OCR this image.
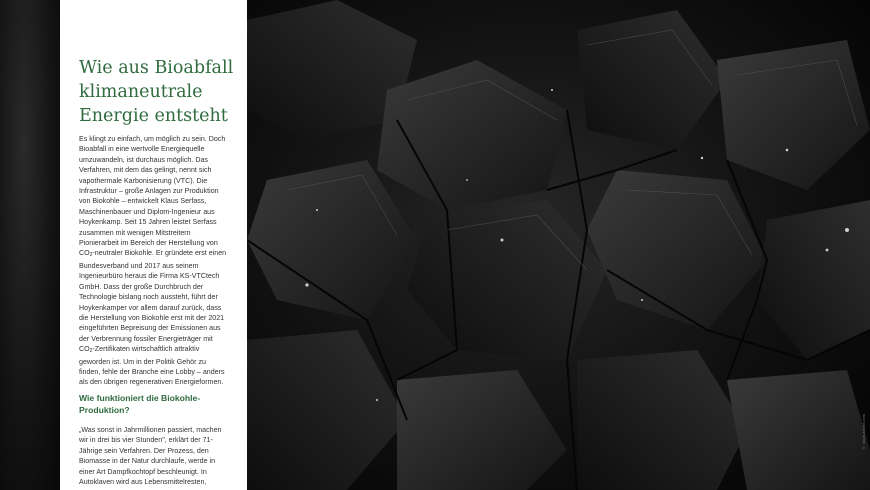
Wie aus Bioabfall klimaneutrale Energie entsteht

Es klingt zu einfach, um möglich zu sein. Doch Bioabfall in eine wertvolle Energiequelle umzuwandeln, ist durchaus möglich. Das Verfahren, mit dem das gelingt, nennt sich vapothermale Karbonisierung (VTC). Die Infrastruktur – große Anlagen zur Produktion von Biokohle – entwickelt Klaus Serfass, Maschinenbauer und Diplom-Ingenieur aus Hoykenkamp. Seit 15 Jahren leistet Serfass zusammen mit wenigen Mitstreitern Pionierarbeit im Bereich der Herstellung von $CO_2$-neutraler Biokohle. Er gründete erst einen Bundesverband und 2017 aus seinem Ingenieurbüro heraus die Firma KS-VTCtech GmbH. Dass der große Durchbruch der Technologie bislang noch aussteht, führt der Hoykenkamper vor allem darauf zurück, dass die Herstellung von Biokohle erst mit der 2021 eingeführten Bepreisung der Emissionen aus der Verbrennung fossiler Energieträger mit $CO_2$-Zertifikaten wirtschaftlich attraktiv geworden ist. Um in der Politik Gehör zu finden, fehle der Branche eine Lobby – anders als den übrigen regenerativen Energieformen.

Wie funktioniert die Biokohle-Produktion?

„Was sonst in Jahrmillionen passiert, machen wir in drei bis vier Stunden", erklärt der 71-Jährige sein Verfahren. Der Prozess, den Biomasse in der Natur durchlaufe, werde in einer Art Dampfkochtopf beschleunigt. In Autoklaven wird aus Lebensmittelresten,

© stock.adobe.com
